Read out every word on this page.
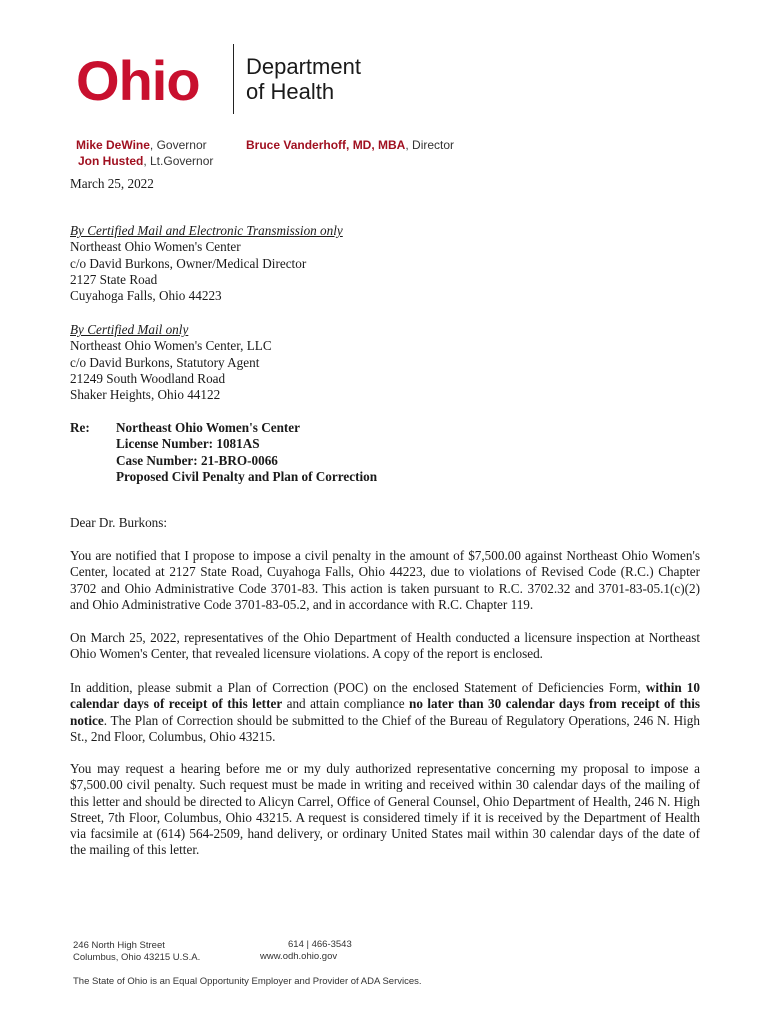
Ohio	Department
of Health
Mike DeWine, Governor
Jon Husted, Lt.Governor
Bruce Vanderhoff, MD, MBA, Director
March 25, 2022
By Certified Mail and Electronic Transmission only
Northeast Ohio Women's Center
c/o David Burkons, Owner/Medical Director
2127 State Road
Cuyahoga Falls, Ohio 44223
By Certified Mail only
Northeast Ohio Women's Center, LLC
c/o David Burkons, Statutory Agent
21249 South Woodland Road
Shaker Heights, Ohio 44122
Re: Northeast Ohio Women's Center
License Number: 1081AS
Case Number: 21-BRO-0066
Proposed Civil Penalty and Plan of Correction
Dear Dr. Burkons:
You are notified that I propose to impose a civil penalty in the amount of $7,500.00 against Northeast Ohio Women's Center, located at 2127 State Road, Cuyahoga Falls, Ohio 44223, due to violations of Revised Code (R.C.) Chapter 3702 and Ohio Administrative Code 3701-83. This action is taken pursuant to R.C. 3702.32 and 3701-83-05.1(c)(2) and Ohio Administrative Code 3701-83-05.2, and in accordance with R.C. Chapter 119.
On March 25, 2022, representatives of the Ohio Department of Health conducted a licensure inspection at Northeast Ohio Women's Center, that revealed licensure violations. A copy of the report is enclosed.
In addition, please submit a Plan of Correction (POC) on the enclosed Statement of Deficiencies Form, within 10 calendar days of receipt of this letter and attain compliance no later than 30 calendar days from receipt of this notice. The Plan of Correction should be submitted to the Chief of the Bureau of Regulatory Operations, 246 N. High St., 2nd Floor, Columbus, Ohio 43215.
You may request a hearing before me or my duly authorized representative concerning my proposal to impose a $7,500.00 civil penalty. Such request must be made in writing and received within 30 calendar days of the mailing of this letter and should be directed to Alicyn Carrel, Office of General Counsel, Ohio Department of Health, 246 N. High Street, 7th Floor, Columbus, Ohio 43215. A request is considered timely if it is received by the Department of Health via facsimile at (614) 564-2509, hand delivery, or ordinary United States mail within 30 calendar days of the date of the mailing of this letter.
246 North High Street
Columbus, Ohio 43215 U.S.A.
614 | 466-3543
www.odh.ohio.gov
The State of Ohio is an Equal Opportunity Employer and Provider of ADA Services.
